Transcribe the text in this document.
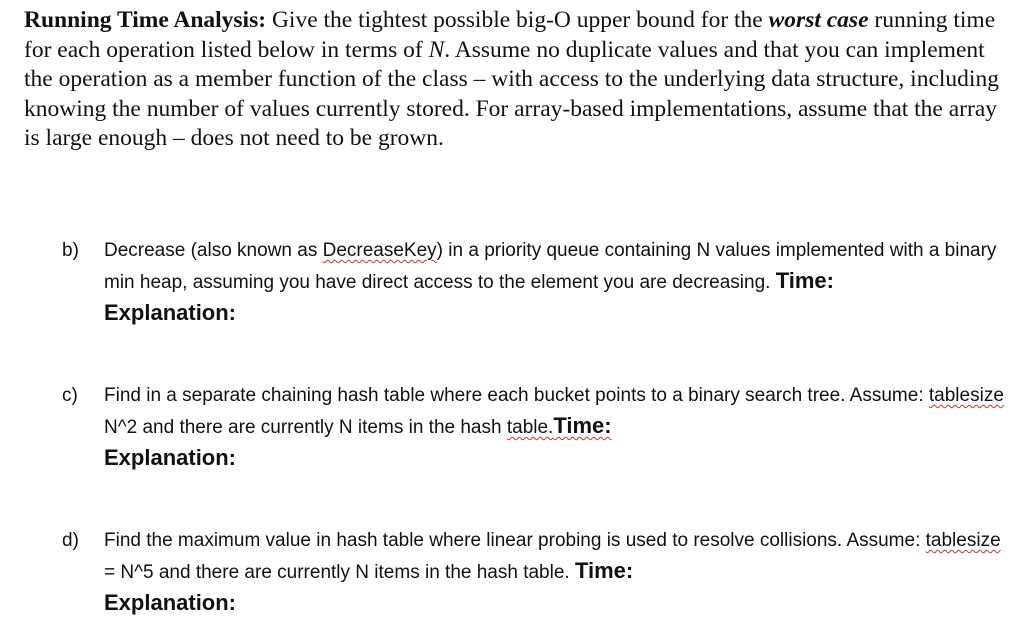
Running Time Analysis: Give the tightest possible big-O upper bound for the worst case running time for each operation listed below in terms of N. Assume no duplicate values and that you can implement the operation as a member function of the class – with access to the underlying data structure, including knowing the number of values currently stored. For array-based implementations, assume that the array is large enough – does not need to be grown.

b)	Decrease (also known as DecreaseKey) in a priority queue containing N values implemented with a binary min heap, assuming you have direct access to the element you are decreasing. Time:
Explanation:
c)	Find in a separate chaining hash table where each bucket points to a binary search tree. Assume: tablesize N^2 and there are currently N items in the hash table.Time:
Explanation:
d)	Find the maximum value in hash table where linear probing is used to resolve collisions. Assume: tablesize = N^5 and there are currently N items in the hash table. Time:
Explanation:
